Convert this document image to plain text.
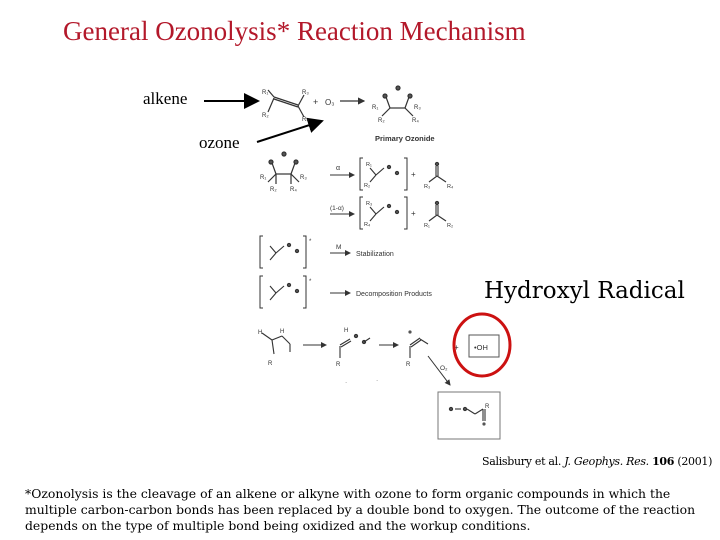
General Ozonolysis* Reaction Mechanism
alkene
ozone
R₁
R₂
R₃
R₄
+ O₃
R₁
R₂
R₃
R₄
Primary Ozonide
R₁
R₂
R₃
R₄
α	R₁
R₂
+
R₃	R₄
(1-α)
R₃
R₄
+
R₁	R₂
*
M
Stabilization
*
Decomposition Products
H	H
R	R
H
R
+ •OH
O₂
R
.	.
Hydroxyl Radical
Salisbury et al. J. Geophys. Res. 106 (2001)
*Ozonolysis is the cleavage of an alkene or alkyne with ozone to form organic compounds in which the multiple carbon-carbon bonds has been replaced by a double bond to oxygen. The outcome of the reaction depends on the type of multiple bond being oxidized and the workup conditions.
